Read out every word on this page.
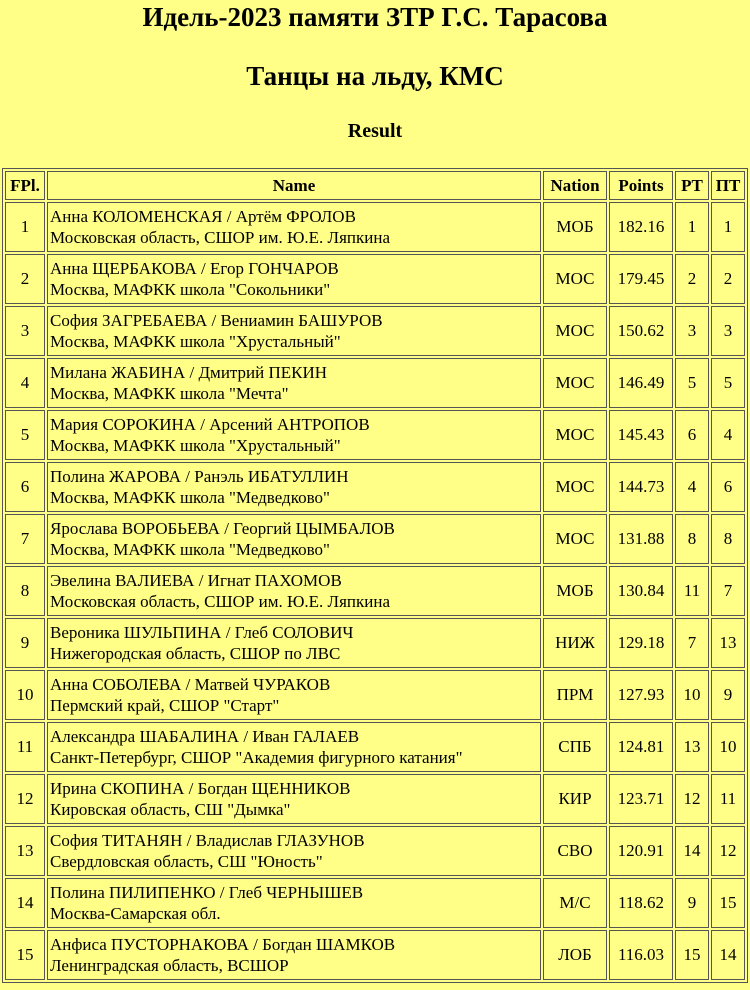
Идель-2023 памяти ЗТР Г.С. Тарасова
Танцы на льду, КМС
Result
FPl.	Name	Nation	Points	PT	ПТ
1	Анна КОЛОМЕНСКАЯ / Артём ФРОЛОВ
Московская область, СШОР им. Ю.Е. Ляпкина	МОБ	182.16	1	1
2	Анна ЩЕРБАКОВА / Егор ГОНЧАРОВ
Москва, МАФКК школа "Сокольники"	МОС	179.45	2	2
3	София ЗАГРЕБАЕВА / Вениамин БАШУРОВ
Москва, МАФКК школа "Хрустальный"	МОС	150.62	3	3
4	Милана ЖАБИНА / Дмитрий ПЕКИН
Москва, МАФКК школа "Мечта"	МОС	146.49	5	5
5	Мария СОРОКИНА / Арсений АНТРОПОВ
Москва, МАФКК школа "Хрустальный"	МОС	145.43	6	4
6	Полина ЖАРОВА / Ранэль ИБАТУЛЛИН
Москва, МАФКК школа "Медведково"	МОС	144.73	4	6
7	Ярослава ВОРОБЬЕВА / Георгий ЦЫМБАЛОВ
Москва, МАФКК школа "Медведково"	МОС	131.88	8	8
8	Эвелина ВАЛИЕВА / Игнат ПАХОМОВ
Московская область, СШОР им. Ю.Е. Ляпкина	МОБ	130.84	11	7
9	Вероника ШУЛЬПИНА / Глеб СОЛОВИЧ
Нижегородская область, СШОР по ЛВС	НИЖ	129.18	7	13
10	Анна СОБОЛЕВА / Матвей ЧУРАКОВ
Пермский край, СШОР "Старт"	ПРМ	127.93	10	9
11	Александра ШАБАЛИНА / Иван ГАЛАЕВ
Санкт-Петербург, СШОР "Академия фигурного катания"	СПБ	124.81	13	10
12	Ирина СКОПИНА / Богдан ЩЕННИКОВ
Кировская область, СШ "Дымка"	КИР	123.71	12	11
13	София ТИТАНЯН / Владислав ГЛАЗУНОВ
Свердловская область, СШ "Юность"	СВО	120.91	14	12
14	Полина ПИЛИПЕНКО / Глеб ЧЕРНЫШЕВ
Москва-Самарская обл.	М/С	118.62	9	15
15	Анфиса ПУСТОРНАКОВА / Богдан ШАМКОВ
Ленинградская область, ВСШОР	ЛОБ	116.03	15	14
